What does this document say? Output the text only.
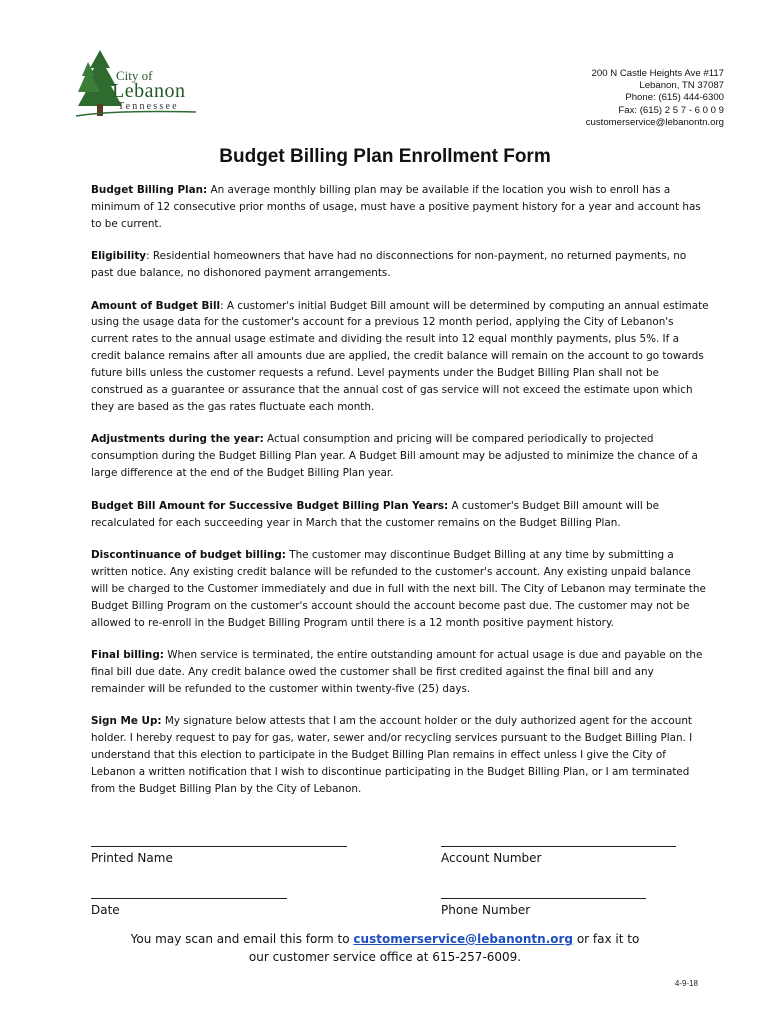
City of
Lebanon
Tennessee
200 N Castle Heights Ave #117
Lebanon, TN 37087
Phone: (615) 444-6300
Fax: (615) 2 5 7 - 6 0 0 9
customerservice@lebanontn.org
Budget Billing Plan Enrollment Form

Budget Billing Plan: An average monthly billing plan may be available if the location you wish to enroll has a minimum of 12 consecutive prior months of usage, must have a positive payment history for a year and account has to be current.

Eligibility: Residential homeowners that have had no disconnections for non-payment, no returned payments, no past due balance, no dishonored payment arrangements.

Amount of Budget Bill: A customer's initial Budget Bill amount will be determined by computing an annual estimate using the usage data for the customer's account for a previous 12 month period, applying the City of Lebanon's current rates to the annual usage estimate and dividing the result into 12 equal monthly payments, plus 5%. If a credit balance remains after all amounts due are applied, the credit balance will remain on the account to go towards future bills unless the customer requests a refund. Level payments under the Budget Billing Plan shall not be construed as a guarantee or assurance that the annual cost of gas service will not exceed the estimate upon which they are based as the gas rates fluctuate each month.

Adjustments during the year: Actual consumption and pricing will be compared periodically to projected consumption during the Budget Billing Plan year. A Budget Bill amount may be adjusted to minimize the chance of a large difference at the end of the Budget Billing Plan year.

Budget Bill Amount for Successive Budget Billing Plan Years: A customer's Budget Bill amount will be recalculated for each succeeding year in March that the customer remains on the Budget Billing Plan.

Discontinuance of budget billing: The customer may discontinue Budget Billing at any time by submitting a written notice. Any existing credit balance will be refunded to the customer's account. Any existing unpaid balance will be charged to the Customer immediately and due in full with the next bill. The City of Lebanon may terminate the Budget Billing Program on the customer's account should the account become past due. The customer may not be allowed to re-enroll in the Budget Billing Program until there is a 12 month positive payment history.

Final billing: When service is terminated, the entire outstanding amount for actual usage is due and payable on the final bill due date. Any credit balance owed the customer shall be first credited against the final bill and any remainder will be refunded to the customer within twenty-five (25) days.

Sign Me Up: My signature below attests that I am the account holder or the duly authorized agent for the account holder. I hereby request to pay for gas, water, sewer and/or recycling services pursuant to the Budget Billing Plan. I understand that this election to participate in the Budget Billing Plan remains in effect unless I give the City of Lebanon a written notification that I wish to discontinue participating in the Budget Billing Plan, or I am terminated from the Budget Billing Plan by the City of Lebanon.

Printed Name	Account Number
Date	Phone Number
You may scan and email this form to customerservice@lebanontn.org or fax it to
our customer service office at 615-257-6009.
4-9-18
